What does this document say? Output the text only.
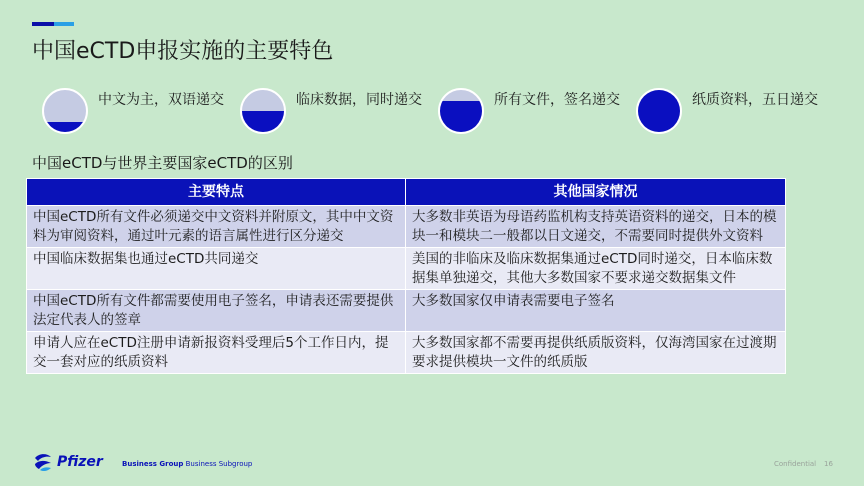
中国eCTD申报实施的主要特色
中文为主，双语递交	临床数据，同时递交	所有文件，签名递交	纸质资料，五日递交
中国eCTD与世界主要国家eCTD的区别
主要特点	其他国家情况
中国eCTD所有文件必须递交中文资料并附原文，其中中文资料为审阅资料，通过叶元素的语言属性进行区分递交	大多数非英语为母语药监机构支持英语资料的递交，日本的模块一和模块二一般都以日文递交，不需要同时提供外文资料
中国临床数据集也通过eCTD共同递交	美国的非临床及临床数据集通过eCTD同时递交，日本临床数据集单独递交，其他大多数国家不要求递交数据集文件
中国eCTD所有文件都需要使用电子签名，申请表还需要提供法定代表人的签章	大多数国家仅申请表需要电子签名
申请人应在eCTD注册申请新报资料受理后5个工作日内，提交一套对应的纸质资料	大多数国家都不需要再提供纸质版资料，仅海湾国家在过渡期要求提供模块一文件的纸质版
Pfizer	Business Group Business Subgroup	Confidential 16
